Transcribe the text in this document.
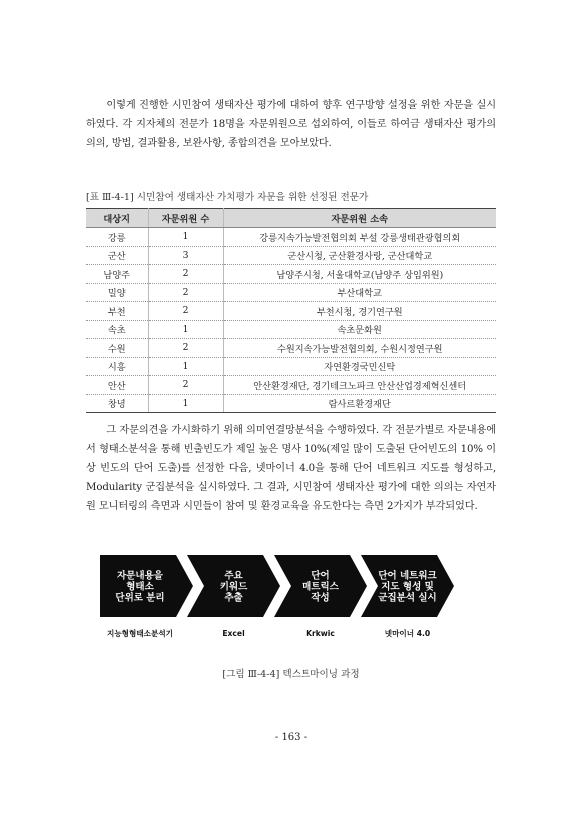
이렇게 진행한 시민참여 생태자산 평가에 대하여 향후 연구방향 설정을 위한 자문을 실시하였다. 각 지자체의 전문가 18명을 자문위원으로 섭외하여, 이들로 하여금 생태자산 평가의 의의, 방법, 결과활용, 보완사항, 종합의견을 모아보았다.

[표 Ⅲ-4-1] 시민참여 생태자산 가치평가 자문을 위한 선정된 전문가
대상지	자문위원 수	자문위원 소속
강릉	1	강릉지속가능발전협의회 부설 강릉생태관광협의회
군산	3	군산시청, 군산환경사랑, 군산대학교
남양주	2	남양주시청, 서울대학교(남양주 상임위원)
밀양	2	부산대학교
부천	2	부천시청, 경기연구원
속초	1	속초문화원
수원	2	수원지속가능발전협의회, 수원시정연구원
시흥	1	자연환경국민신탁
안산	2	안산환경재단, 경기테크노파크 안산산업경제혁신센터
창녕	1	람사르환경재단

그 자문의견을 가시화하기 위해 의미연결망분석을 수행하였다. 각 전문가별로 자문내용에서 형태소분석을 통해 빈출빈도가 제일 높은 명사 10%(제일 많이 도출된 단어빈도의 10% 이상 빈도의 단어 도출)를 선정한 다음, 넷마이너 4.0을 통해 단어 네트워크 지도를 형성하고, Modularity 군집분석을 실시하였다. 그 결과, 시민참여 생태자산 평가에 대한 의의는 자연자원 모니터링의 측면과 시민들이 참여 및 환경교육을 유도한다는 측면 2가지가 부각되었다.

자문내용을
형태소
단위로 분리
지능형형태소분석기
주요
키워드
추출
Excel
단어
매트릭스
작성
Krkwic
단어 네트워크
지도 형성 및
군집분석 실시
넷마이너 4.0
[그림 Ⅲ-4-4] 텍스트마이닝 과정
- 163 -
